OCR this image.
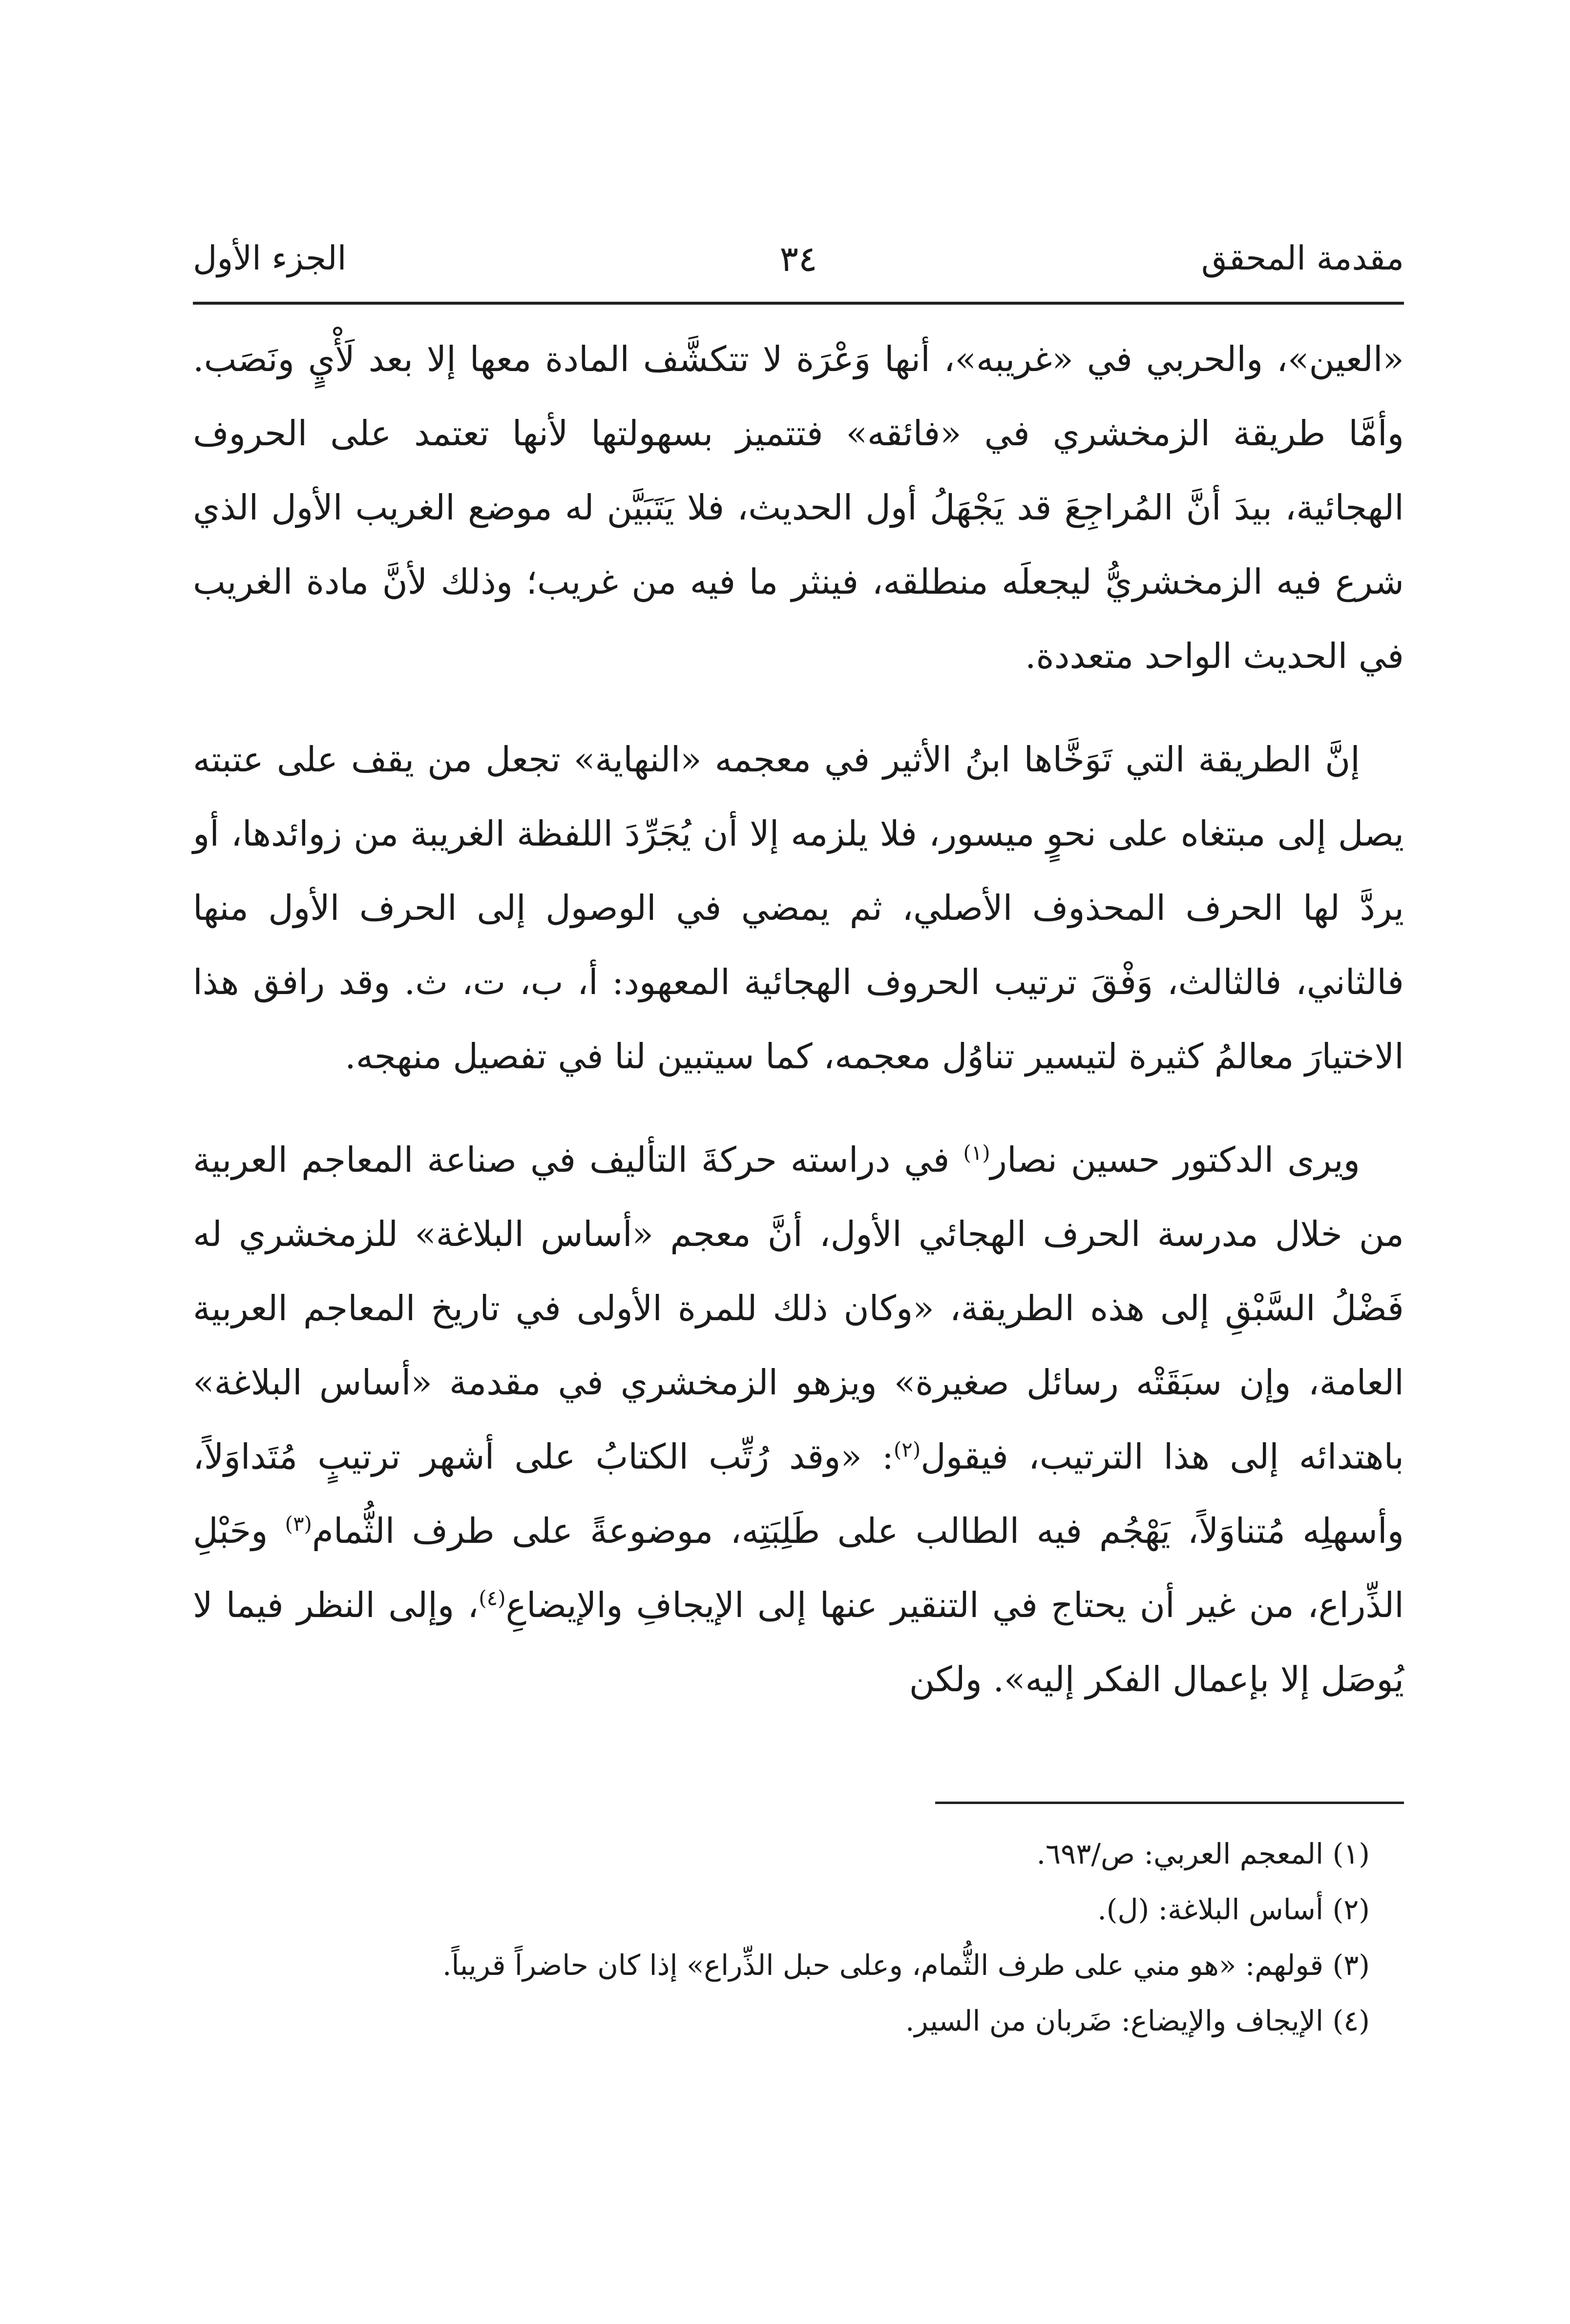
مقدمة المحقق
٣٤
الجزء الأول

«العين»، والحربي في «غريبه»، أنها وَعْرَة لا تتكشَّف المادة معها إلا بعد لَأْيٍ ونَصَب. وأمَّا طريقة الزمخشري في «فائقه» فتتميز بسهولتها لأنها تعتمد على الحروف الهجائية، بيدَ أنَّ المُراجِعَ قد يَجْهَلُ أول الحديث، فلا يَتَبَيَّن له موضع الغريب الأول الذي شرع فيه الزمخشريُّ ليجعلَه منطلقه، فينثر ما فيه من غريب؛ وذلك لأنَّ مادة الغريب في الحديث الواحد متعددة.

إنَّ الطريقة التي تَوَخَّاها ابنُ الأثير في معجمه «النهاية» تجعل من يقف على عتبته يصل إلى مبتغاه على نحوٍ ميسور، فلا يلزمه إلا أن يُجَرِّدَ اللفظة الغريبة من زوائدها، أو يردَّ لها الحرف المحذوف الأصلي، ثم يمضي في الوصول إلى الحرف الأول منها فالثاني، فالثالث، وَفْقَ ترتيب الحروف الهجائية المعهود: أ، ب، ت، ث. وقد رافق هذا الاختيارَ معالمُ كثيرة لتيسير تناوُل معجمه، كما سيتبين لنا في تفصيل منهجه.

ويرى الدكتور حسين نصار$^{(١)}$ في دراسته حركةَ التأليف في صناعة المعاجم العربية من خلال مدرسة الحرف الهجائي الأول، أنَّ معجم «أساس البلاغة» للزمخشري له فَضْلُ السَّبْقِ إلى هذه الطريقة، «وكان ذلك للمرة الأولى في تاريخ المعاجم العربية العامة، وإن سبَقَتْه رسائل صغيرة» ويزهو الزمخشري في مقدمة «أساس البلاغة» باهتدائه إلى هذا الترتيب، فيقول$^{(٢)}$: «وقد رُتِّب الكتابُ على أشهر ترتيبٍ مُتَداوَلاً، وأسهلِه مُتناوَلاً، يَهْجُم فيه الطالب على طَلِبَتِه، موضوعةً على طرف الثُّمام$^{(٣)}$ وحَبْلِ الذِّراع، من غير أن يحتاج في التنقير عنها إلى الإيجافِ والإيضاعِ$^{(٤)}$، وإلى النظر فيما لا يُوصَل إلا بإعمال الفكر إليه». ولكن

(١) المعجم العربي: ص/٦٩٣.

(٢) أساس البلاغة: (ل).

(٣) قولهم: «هو مني على طرف الثُّمام، وعلى حبل الذِّراع» إذا كان حاضراً قريباً.

(٤) الإيجاف والإيضاع: ضَربان من السير.
